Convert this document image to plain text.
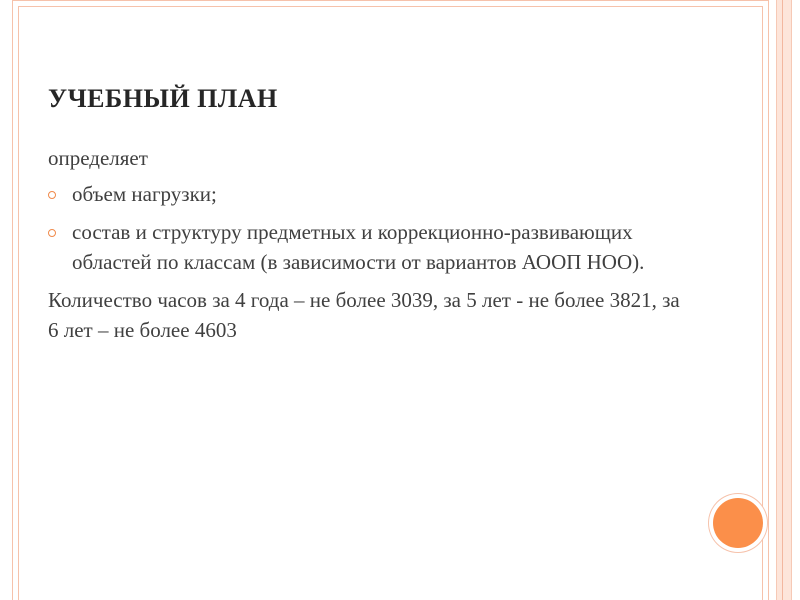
УЧЕБНЫЙ ПЛАН

определяет

объем нагрузки;
состав и структуру предметных и коррекционно-развивающих областей по классам (в зависимости от вариантов АООП НОО).

Количество часов за 4 года – не более 3039, за 5 лет - не более 3821, за 6 лет – не более 4603
